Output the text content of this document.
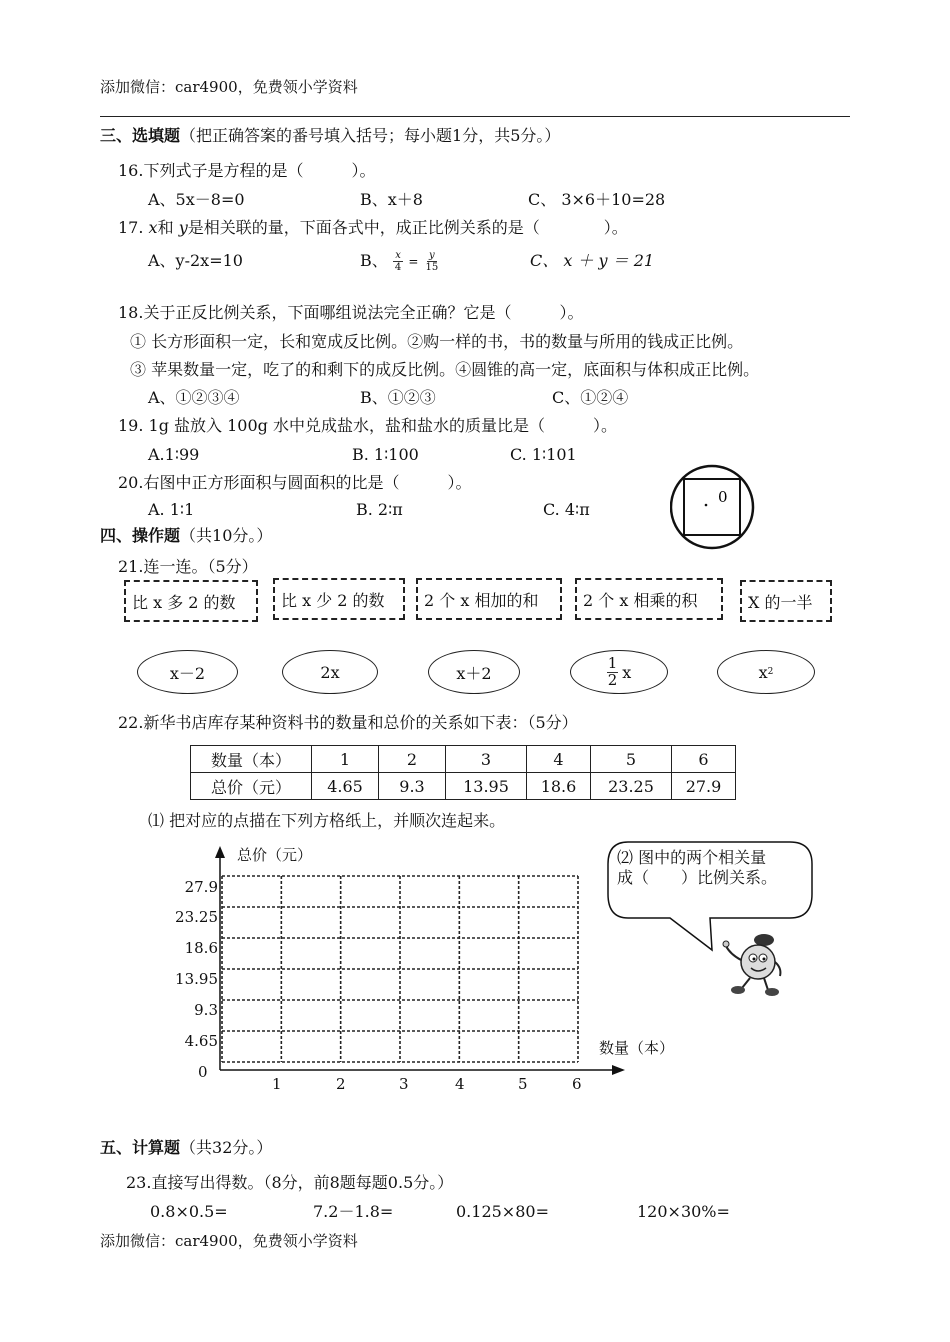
添加微信：car4900，免费领小学资料
三、选填题（把正确答案的番号填入括号；每小题1分，共5分。）
16.下列式子是方程的是（　　　）。
A、5x－8=0	B、x＋8	C、 3×6＋10=28
17. x和 y是相关联的量，下面各式中，成正比例关系的是（　　　　）。
A、y-2x=10	B、 $\frac{x}{4} = \frac{y}{15}$	C、 x ＋ y ＝ 21
18.关于正反比例关系，下面哪组说法完全正确？它是（　　　）。
① 长方形面积一定，长和宽成反比例。②购一样的书，书的数量与所用的钱成正比例。
③ 苹果数量一定，吃了的和剩下的成反比例。④圆锥的高一定，底面积与体积成正比例。
A、①②③④	B、①②③	C、①②④
19. 1g 盐放入 100g 水中兑成盐水，盐和盐水的质量比是（　　　）。
A.1∶99	B. 1∶100	C. 1∶101
20.右图中正方形面积与圆面积的比是（　　　）。
A. 1∶1	B. 2∶π	C. 4∶π
0
四、操作题（共10分。）
21.连一连。（5分）
比 x 多 2 的数	比 x 少 2 的数	2 个 x 相加的和	2 个 x 相乘的积	X 的一半
x－2	2x	x＋2	$\frac{1}{2}$ x	x 2
22.新华书店库存某种资料书的数量和总价的关系如下表：（5分）
数量（本）	1	2	3	4	5	6
总价（元）	4.65	9.3	13.95	18.6	23.25	27.9
⑴ 把对应的点描在下列方格纸上，并顺次连起来。
总价（元）
数量（本）
0
4.65
9.3
13.95
18.6
23.25
27.9
1	2	3	4	5	6
⑵ 图中的两个相关量
成（　　）比例关系。
五、计算题（共32分。）
23.直接写出得数。（8分，前8题每题0.5分。）
0.8×0.5=	7.2－1.8=	0.125×80=	120×30%=
添加微信：car4900，免费领小学资料
